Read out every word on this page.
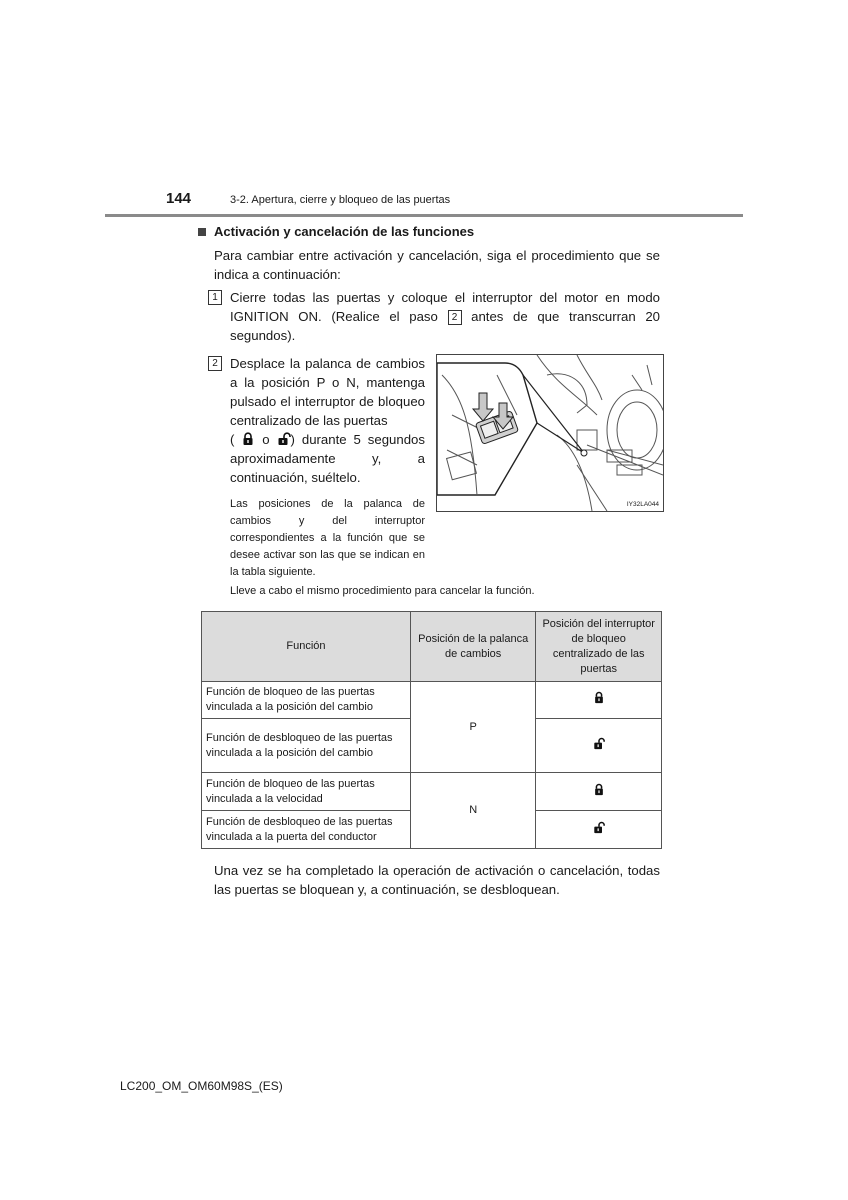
144	3-2. Apertura, cierre y bloqueo de las puertas
Activación y cancelación de las funciones
Para cambiar entre activación y cancelación, siga el procedimiento que se indica a continuación:
1 Cierre todas las puertas y coloque el interruptor del motor en modo IGNITION ON. (Realice el paso 2 antes de que transcurran 20 segundos).
2 Desplace la palanca de cambios a la posición P o N, mantenga pulsado el interruptor de bloqueo centralizado de las puertas
(  o ) durante 5 segundos aproximadamente y, a continuación, suéltelo.
Las posiciones de la palanca de cambios y del interruptor correspondientes a la función que se desee activar son las que se indican en la tabla siguiente.
Lleve a cabo el mismo procedimiento para cancelar la función.
IY32LA044
Función	Posición de la palanca de cambios	Posición del interruptor de bloqueo centralizado de las puertas
Función de bloqueo de las puertas vinculada a la posición del cambio	P	
Función de desbloqueo de las puertas vinculada a la posición del cambio	
Función de bloqueo de las puertas vinculada a la velocidad	N	
Función de desbloqueo de las puertas vinculada a la puerta del conductor	
Una vez se ha completado la operación de activación o cancelación, todas las puertas se bloquean y, a continuación, se desbloquean.
LC200_OM_OM60M98S_(ES)
